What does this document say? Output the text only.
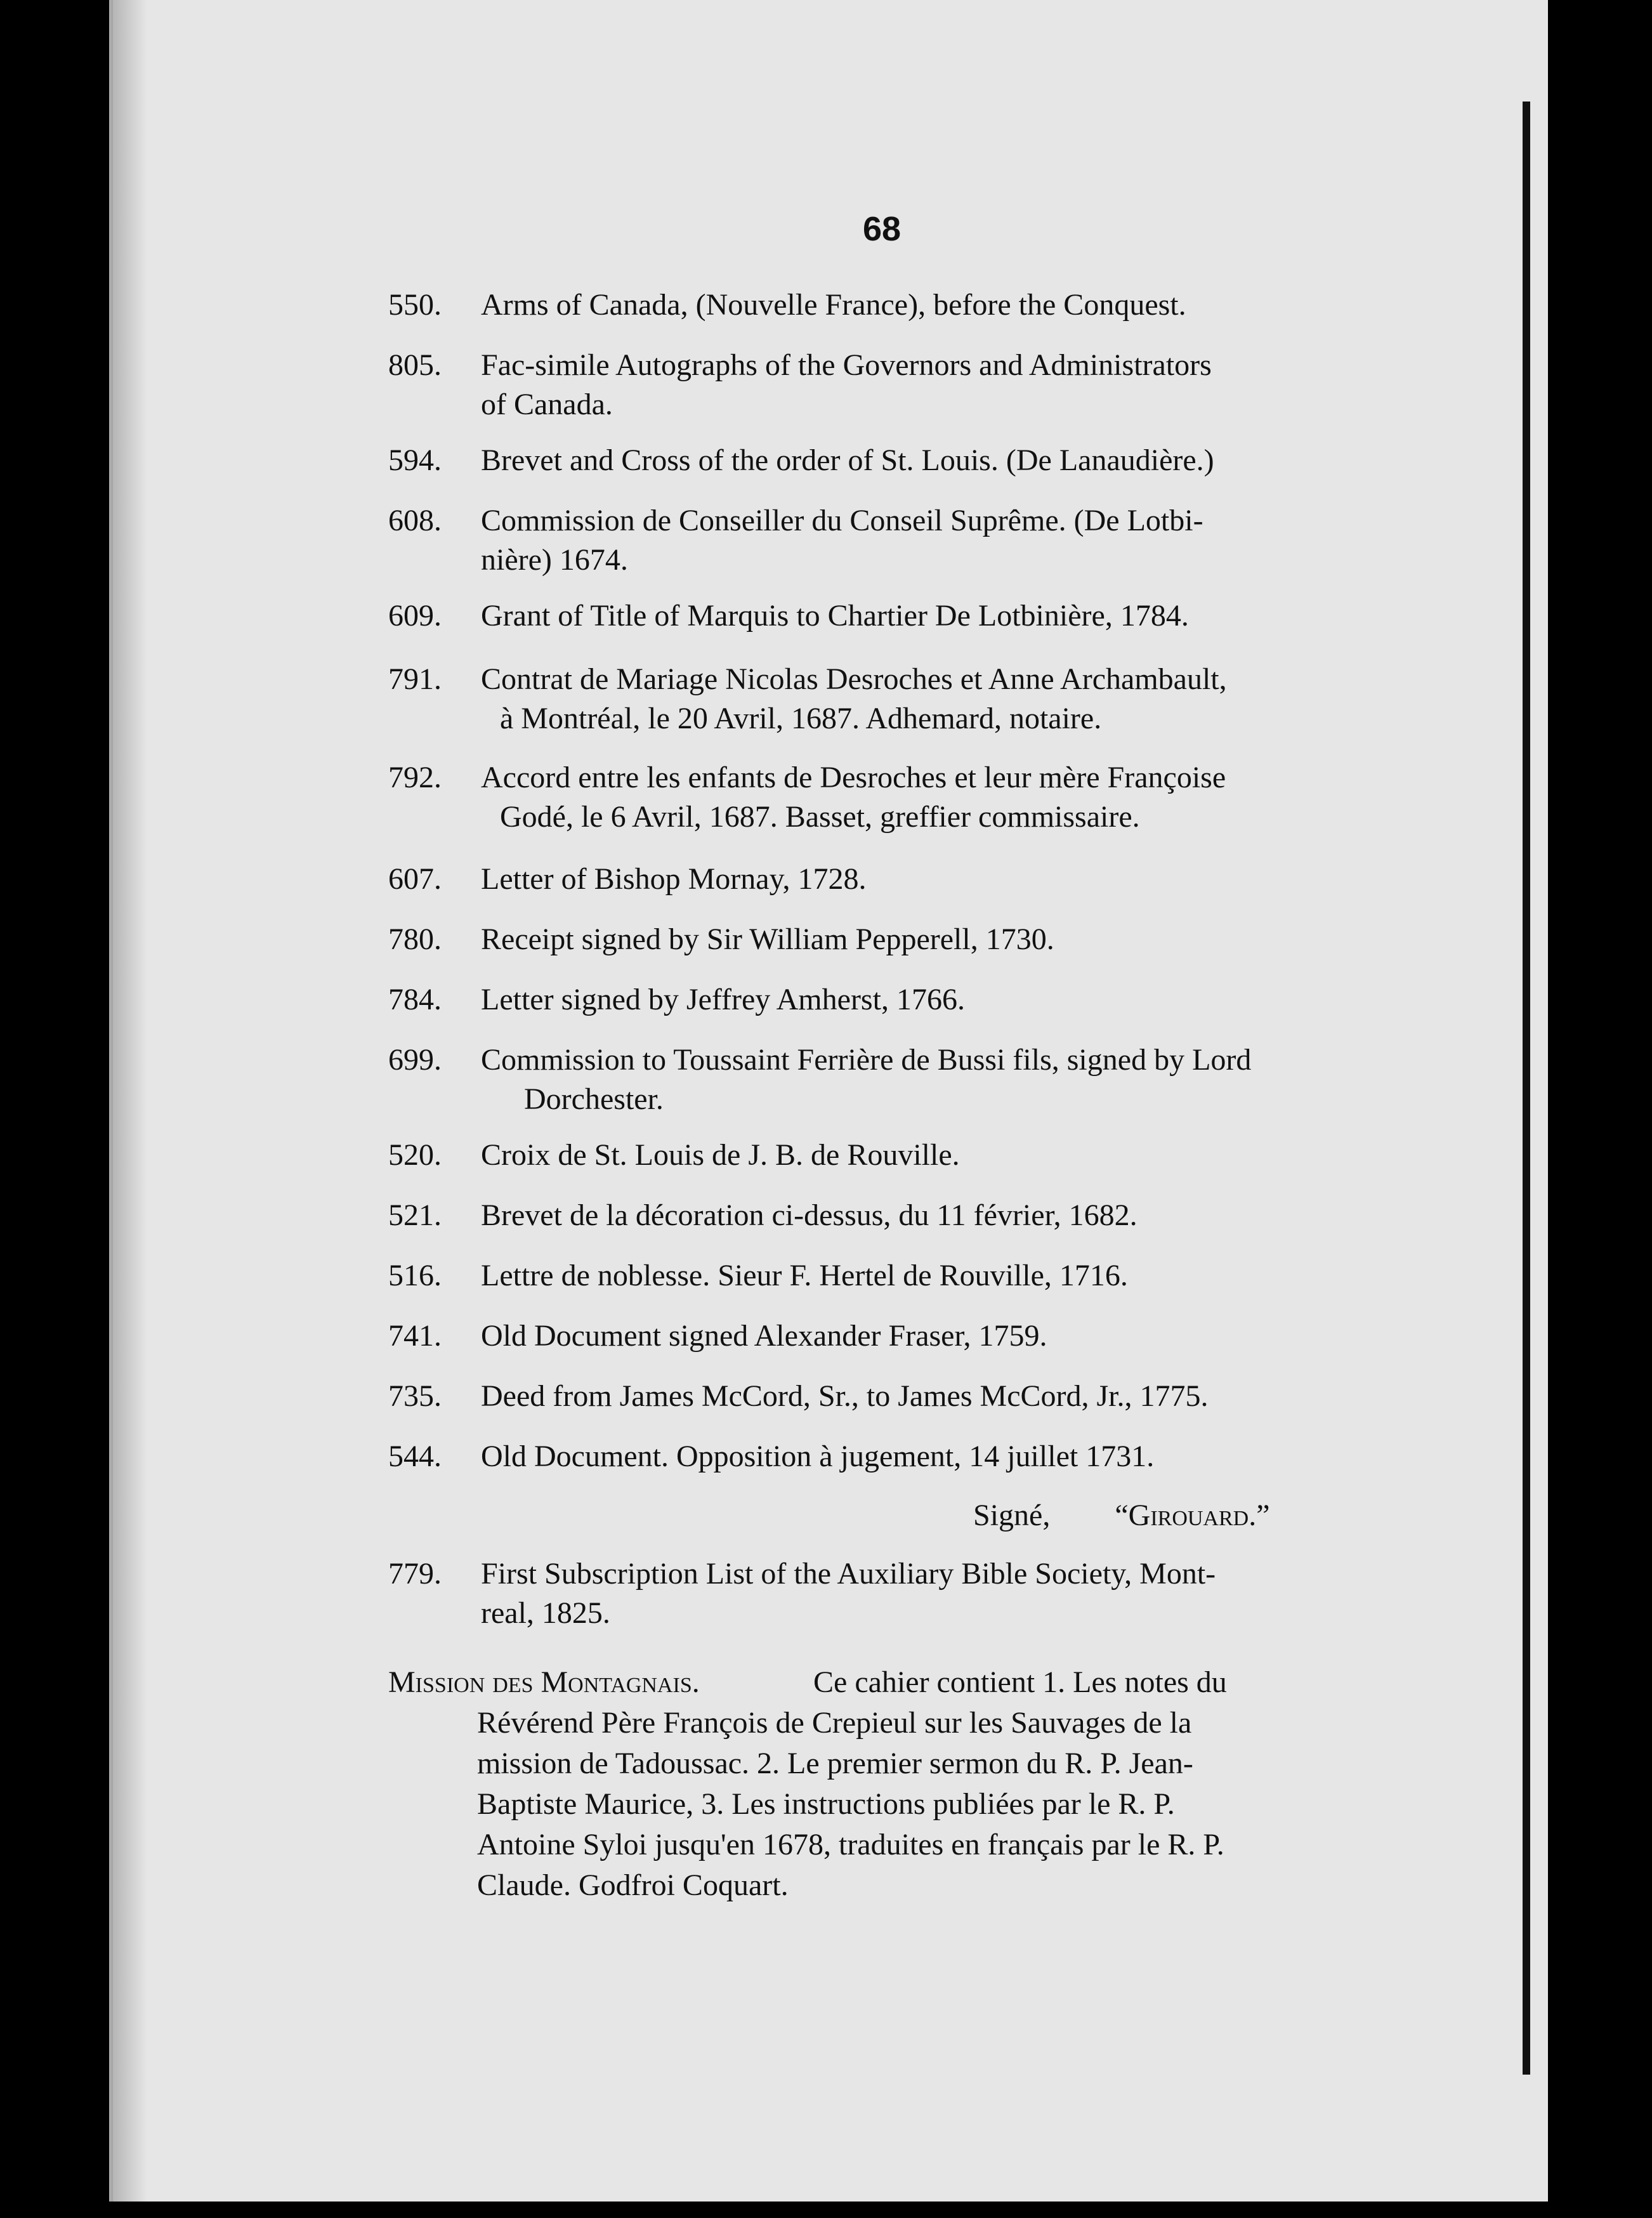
68
550.	Arms of Canada, (Nouvelle France), before the Conquest.
805.	Fac-simile Autographs of the Governors and Administrators
of Canada.
594.	Brevet and Cross of the order of St. Louis. (De Lanaudière.)
608.	Commission de Conseiller du Conseil Suprême. (De Lotbi-
nière) 1674.
609.	Grant of Title of Marquis to Chartier De Lotbinière, 1784.
791.	Contrat de Mariage Nicolas Desroches et Anne Archambault,
à Montréal, le 20 Avril, 1687. Adhemard, notaire.
792.	Accord entre les enfants de Desroches et leur mère Françoise
Godé, le 6 Avril, 1687. Basset, greffier commissaire.
607.	Letter of Bishop Mornay, 1728.
780.	Receipt signed by Sir William Pepperell, 1730.
784.	Letter signed by Jeffrey Amherst, 1766.
699.	Commission to Toussaint Ferrière de Bussi fils, signed by Lord
Dorchester.
520.	Croix de St. Louis de J. B. de Rouville.
521.	Brevet de la décoration ci-dessus, du 11 février, 1682.
516.	Lettre de noblesse. Sieur F. Hertel de Rouville, 1716.
741.	Old Document signed Alexander Fraser, 1759.
735.	Deed from James McCord, Sr., to James McCord, Jr., 1775.
544.	Old Document. Opposition à jugement, 14 juillet 1731.
779.	First Subscription List of the Auxiliary Bible Society, Mont-
real, 1825.
Signé, “Girouard.”
Mission des Montagnais.	Ce cahier contient 1. Les notes du
Révérend Père François de Crepieul sur les Sauvages de la
mission de Tadoussac. 2. Le premier sermon du R. P. Jean-
Baptiste Maurice, 3. Les instructions publiées par le R. P.
Antoine Syloi jusqu'en 1678, traduites en français par le R. P.
Claude. Godfroi Coquart.
